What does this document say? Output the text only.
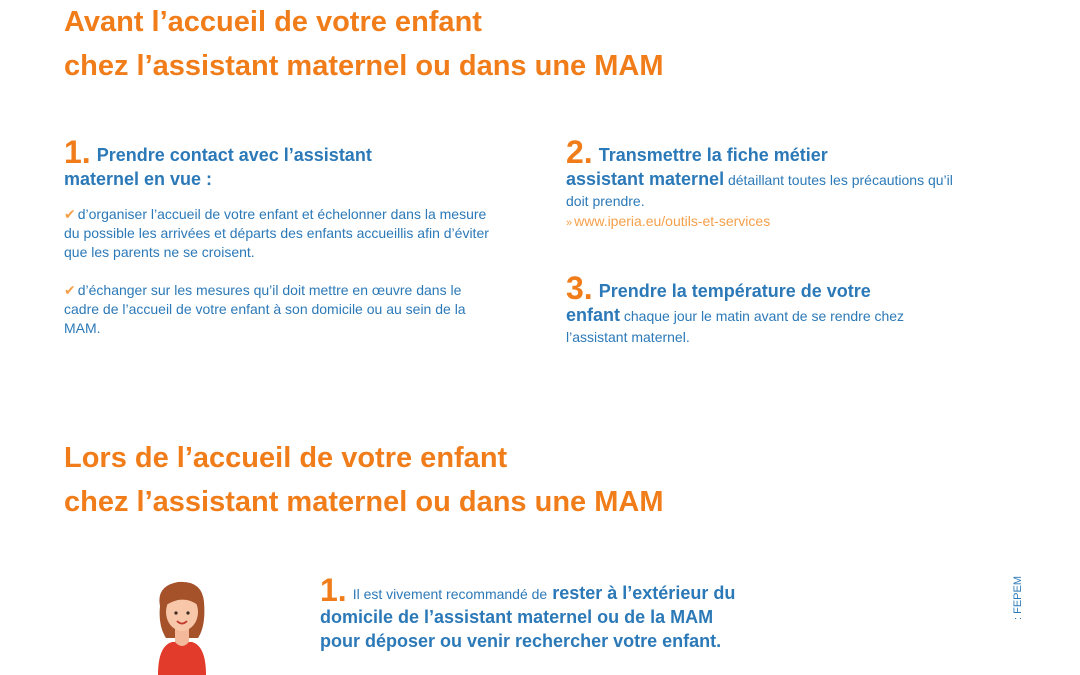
Avant l’accueil de votre enfant
chez l’assistant maternel ou dans une MAM
1. Prendre contact avec l’assistant
maternel en vue :

✔ d’organiser l’accueil de votre enfant et échelonner dans la mesure du possible les arrivées et départs des enfants accueillis afin d’éviter que les parents ne se croisent.

✔ d’échanger sur les mesures qu’il doit mettre en œuvre dans le cadre de l’accueil de votre enfant à son domicile ou au sein de la MAM.

2. Transmettre la fiche métier
assistant maternel détaillant toutes les précautions qu’il doit prendre.
» www.iperia.eu/outils-et-services
3. Prendre la température de votre
enfant chaque jour le matin avant de se rendre chez l’assistant maternel.
Lors de l’accueil de votre enfant
chez l’assistant maternel ou dans une MAM
1. Il est vivement recommandé de rester à l’extérieur du
domicile de l’assistant maternel ou de la MAM
pour déposer ou venir rechercher votre enfant.
: FEPEM
